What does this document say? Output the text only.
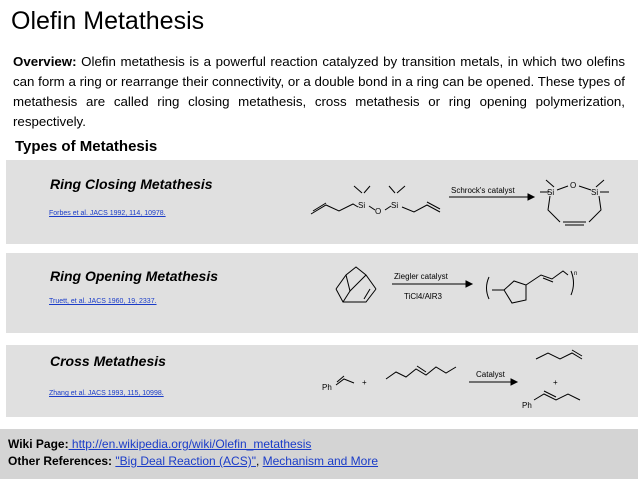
Olefin Metathesis
Overview: Olefin metathesis is a powerful reaction catalyzed by transition metals, in which two olefins can form a ring or rearrange their connectivity, or a double bond in a ring can be opened. These types of metathesis are called ring closing metathesis, cross metathesis or ring opening polymerization, respectively.
Types of Metathesis
Ring Closing Metathesis
Forbes et al. JACS 1992, 114, 10978.
Si
O
Si
Schrock's catalyst	Si
O
Si
Ring Opening Metathesis
Truett, et al. JACS 1960, 19, 2337.
Ziegler catalyst
TiCl4/AlR3
n
Cross Metathesis
Zhang et al. JACS 1993, 115, 10998.
Ph
+
Catalyst
+
Ph
Wiki Page: http://en.wikipedia.org/wiki/Olefin_metathesis
Other References: "Big Deal Reaction (ACS)", Mechanism and More
